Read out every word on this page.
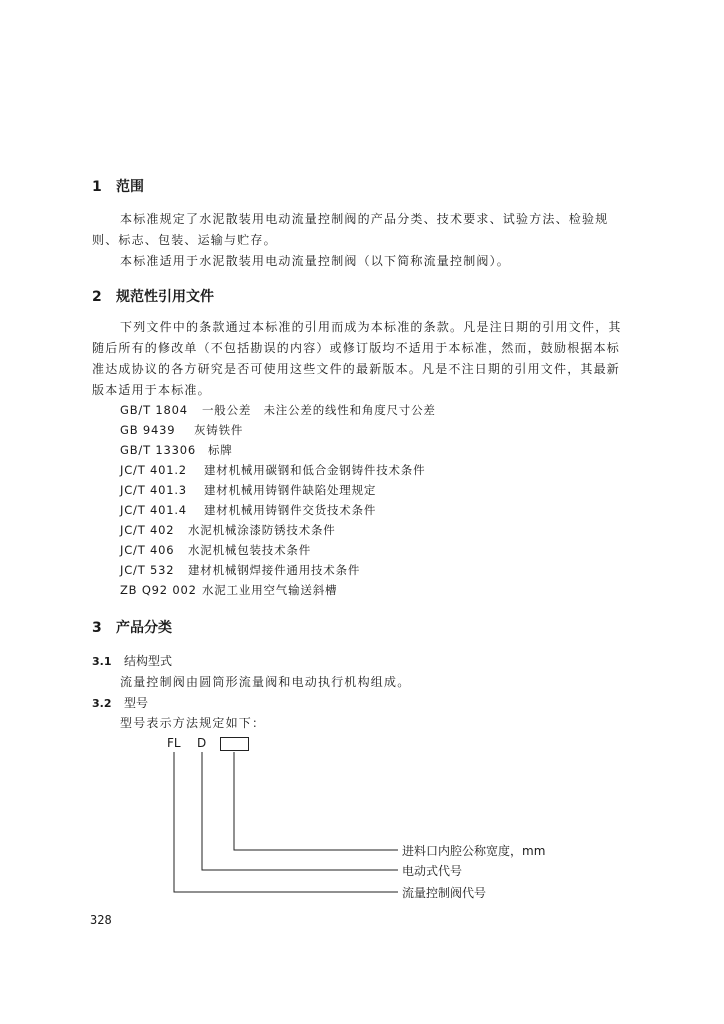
1 范围
本标准规定了水泥散装用电动流量控制阀的产品分类、技术要求、试验方法、检验规
则、标志、包装、运输与贮存。
本标准适用于水泥散装用电动流量控制阀（以下简称流量控制阀）。
2 规范性引用文件
下列文件中的条款通过本标准的引用而成为本标准的条款。凡是注日期的引用文件，其
随后所有的修改单（不包括勘误的内容）或修订版均不适用于本标准，然而，鼓励根据本标
准达成协议的各方研究是否可使用这些文件的最新版本。凡是不注日期的引用文件，其最新
版本适用于本标准。
GB/T 1804 一般公差　未注公差的线性和角度尺寸公差
GB 9439 灰铸铁件
GB/T 13306 标牌
JC/T 401.2 建材机械用碳钢和低合金钢铸件技术条件
JC/T 401.3 建材机械用铸钢件缺陷处理规定
JC/T 401.4 建材机械用铸钢件交货技术条件
JC/T 402 水泥机械涂漆防锈技术条件
JC/T 406 水泥机械包装技术条件
JC/T 532 建材机械钢焊接件通用技术条件
ZB Q92 002 水泥工业用空气输送斜槽
3 产品分类
3.1 结构型式
流量控制阀由圆筒形流量阀和电动执行机构组成。
3.2 型号
型号表示方法规定如下：
FL D
进料口内腔公称宽度，mm
电动式代号
流量控制阀代号
328
